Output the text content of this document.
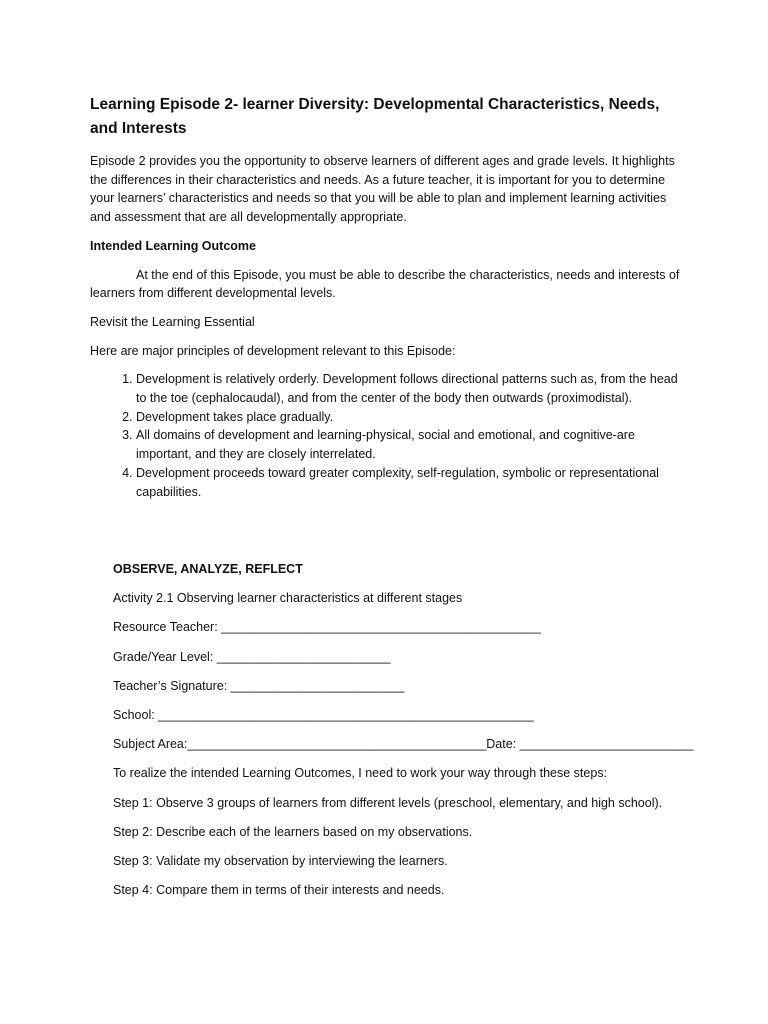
Learning Episode 2- learner Diversity: Developmental Characteristics, Needs, and Interests

Episode 2 provides you the opportunity to observe learners of different ages and grade levels. It highlights the differences in their characteristics and needs. As a future teacher, it is important for you to determine your learners’ characteristics and needs so that you will be able to plan and implement learning activities and assessment that are all developmentally appropriate.

Intended Learning Outcome

At the end of this Episode, you must be able to describe the characteristics, needs and interests of learners from different developmental levels.

Revisit the Learning Essential

Here are major principles of development relevant to this Episode:

1. Development is relatively orderly. Development follows directional patterns such as, from the head to the toe (cephalocaudal), and from the center of the body then outwards (proximodistal).
2. Development takes place gradually.
3. All domains of development and learning-physical, social and emotional, and cognitive-are important, and they are closely interrelated.
4. Development proceeds toward greater complexity, self-regulation, symbolic or representational capabilities.
OBSERVE, ANALYZE, REFLECT
Activity 2.1 Observing learner characteristics at different stages
Resource Teacher: ______________________________________________
Grade/Year Level: _________________________
Teacher’s Signature: _________________________
School: ______________________________________________________
Subject Area:___________________________________________Date: _________________________
To realize the intended Learning Outcomes, I need to work your way through these steps:
Step 1: Observe 3 groups of learners from different levels (preschool, elementary, and high school).
Step 2: Describe each of the learners based on my observations.
Step 3: Validate my observation by interviewing the learners.
Step 4: Compare them in terms of their interests and needs.
